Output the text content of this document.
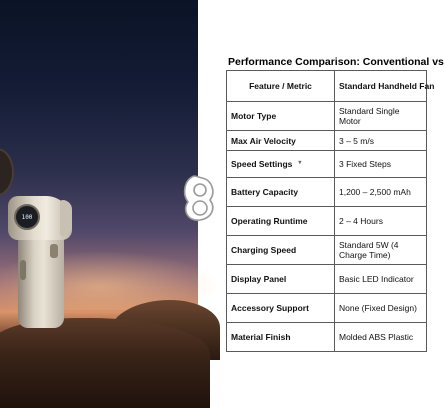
100
Performance Comparison: Conventional vs
Feature / Metric	Standard Handheld Fan
Motor Type	Standard Single Motor
Max Air Velocity	3 – 5 m/s
Speed Settings ▾	3 Fixed Steps
Battery Capacity	1,200 – 2,500 mAh
Operating Runtime	2 – 4 Hours
Charging Speed	Standard 5W (4 Charge Time)
Display Panel	Basic LED Indicator
Accessory Support	None (Fixed Design)
Material Finish	Molded ABS Plastic
